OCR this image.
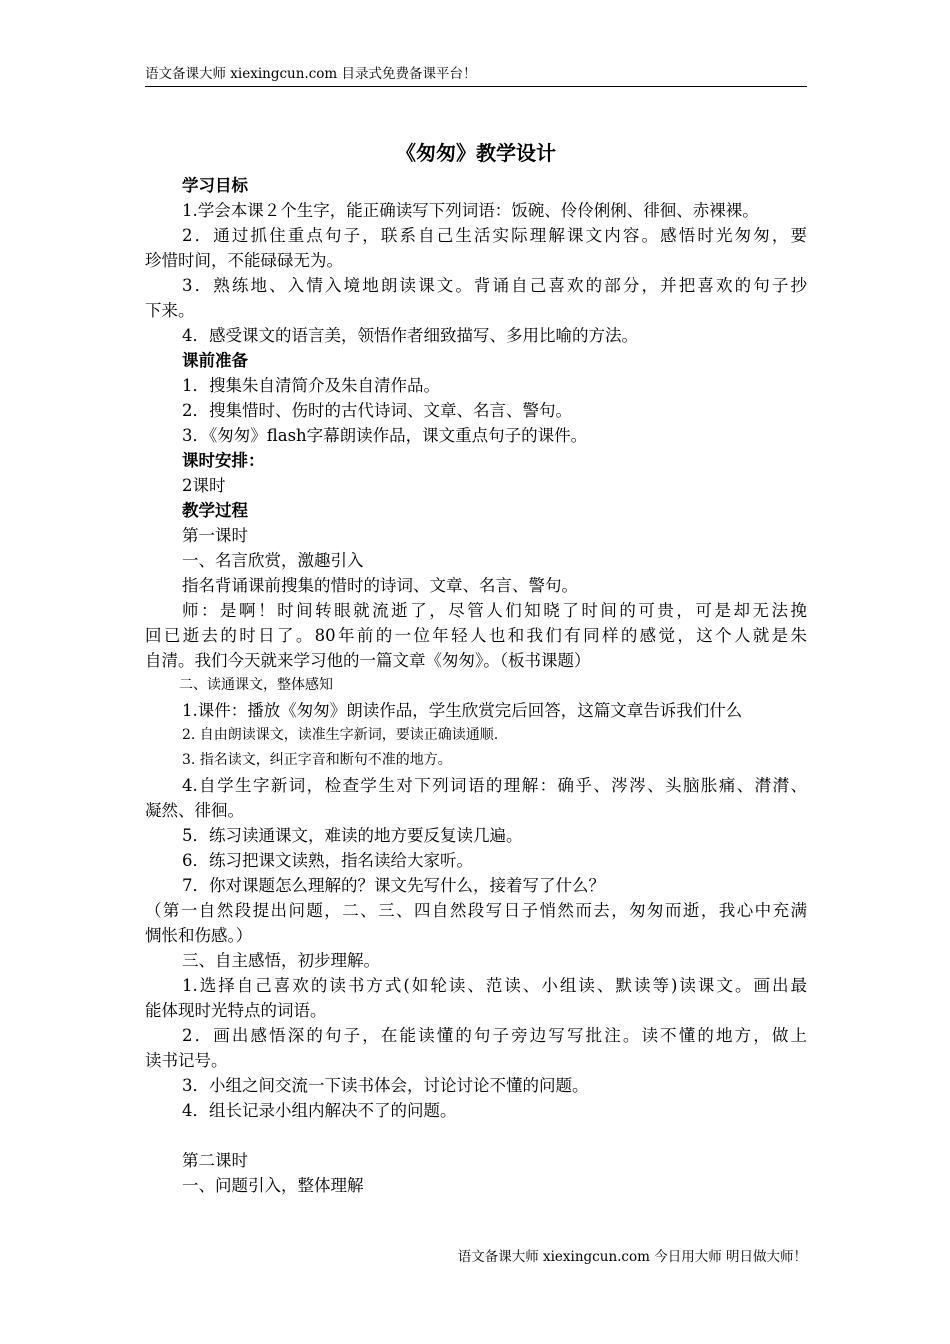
语文备课大师 xiexingcun.com 目录式免费备课平台！
《匆匆》教学设计
学习目标
1.学会本课２个生字，能正确读写下列词语：饭碗、伶伶俐俐、徘徊、赤裸裸。
2．通过抓住重点句子，联系自己生活实际理解课文内容。感悟时光匆匆，要
珍惜时间，不能碌碌无为。
3．熟练地、入情入境地朗读课文。背诵自己喜欢的部分，并把喜欢的句子抄
下来。
4．感受课文的语言美，领悟作者细致描写、多用比喻的方法。
课前准备
1．搜集朱自清简介及朱自清作品。
2．搜集惜时、伤时的古代诗词、文章、名言、警句。
3．《匆匆》flash字幕朗读作品，课文重点句子的课件。
课时安排：
2课时
教学过程
第一课时
一、名言欣赏，激趣引入
指名背诵课前搜集的惜时的诗词、文章、名言、警句。
师：是啊！时间转眼就流逝了，尽管人们知晓了时间的可贵，可是却无法挽
回已逝去的时日了。80年前的一位年轻人也和我们有同样的感觉，这个人就是朱
自清。我们今天就来学习他的一篇文章《匆匆》。（板书课题）
二、读通课文，整体感知
1.课件：播放《匆匆》朗读作品，学生欣赏完后回答，这篇文章告诉我们什么
2. 自由朗读课文，读准生字新词，要读正确读通顺.
3. 指名读文，纠正字音和断句不准的地方。
4.自学生字新词，检查学生对下列词语的理解：确乎、涔涔、头脑胀痛、潸潸、
凝然、徘徊。
5．练习读通课文，难读的地方要反复读几遍。
6．练习把课文读熟，指名读给大家听。
7．你对课题怎么理解的？课文先写什么，接着写了什么？
（第一自然段提出问题，二、三、四自然段写日子悄然而去，匆匆而逝，我心中充满
惆怅和伤感。）
三、自主感悟，初步理解。
1.选择自己喜欢的读书方式(如轮读、范读、小组读、默读等)读课文。画出最
能体现时光特点的词语。
2．画出感悟深的句子，在能读懂的句子旁边写写批注。读不懂的地方，做上
读书记号。
3．小组之间交流一下读书体会，讨论讨论不懂的问题。
4．组长记录小组内解决不了的问题。
第二课时
一、问题引入，整体理解
语文备课大师 xiexingcun.com 今日用大师 明日做大师！
